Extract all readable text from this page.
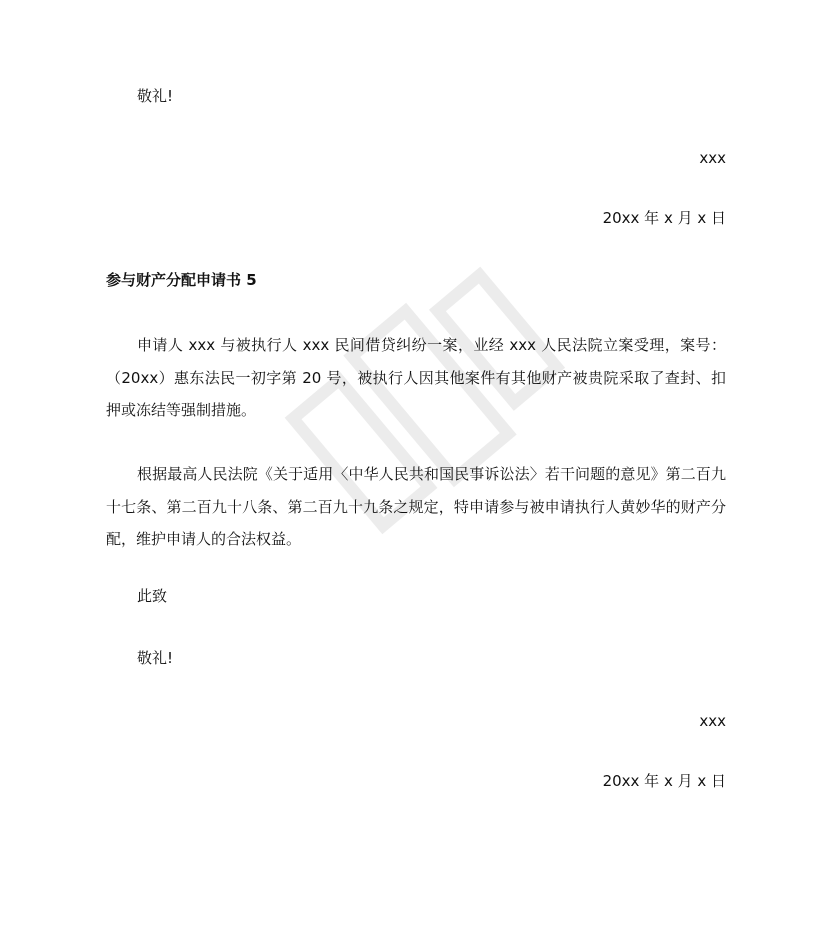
敬礼!
xxx
20xx 年 x 月 x 日
参与财产分配申请书 5
申请人 xxx 与被执行人 xxx 民间借贷纠纷一案，业经 xxx 人民法院立案受理，案号：（20xx）惠东法民一初字第 20 号，被执行人因其他案件有其他财产被贵院采取了查封、扣押或冻结等强制措施。
根据最高人民法院《关于适用〈中华人民共和国民事诉讼法〉若干问题的意见》第二百九十七条、第二百九十八条、第二百九十九条之规定，特申请参与被申请执行人黄妙华的财产分配，维护申请人的合法权益。
此致
敬礼!
xxx
20xx 年 x 月 x 日
